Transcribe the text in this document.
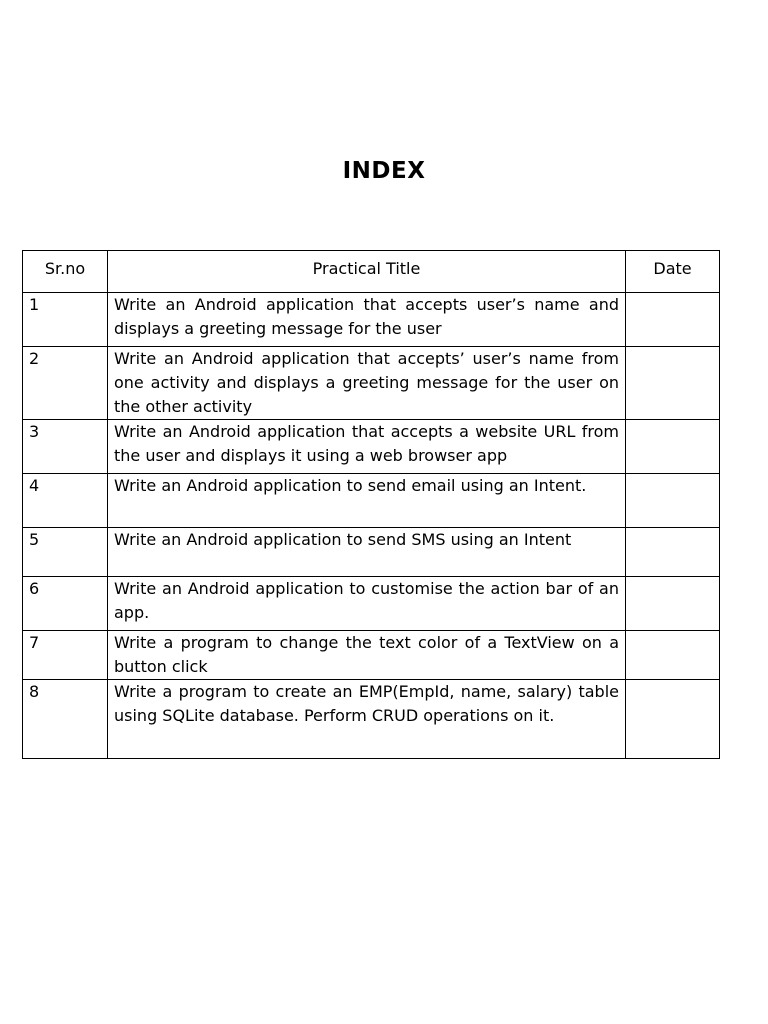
INDEX
Sr.no	Practical Title	Date
1	Write an Android application that accepts user’s name and displays a greeting message for the user	
2	Write an Android application that accepts’ user’s name from one activity and displays a greeting message for the user on the other activity	
3	Write an Android application that accepts a website URL from the user and displays it using a web browser app	
4	Write an Android application to send email using an Intent.	
5	Write an Android application to send SMS using an Intent	
6	Write an Android application to customise the action bar of an app.	
7	Write a program to change the text color of a TextView on a button click	
8	Write a program to create an EMP(EmpId, name, salary) table using SQLite database. Perform CRUD operations on it.	
